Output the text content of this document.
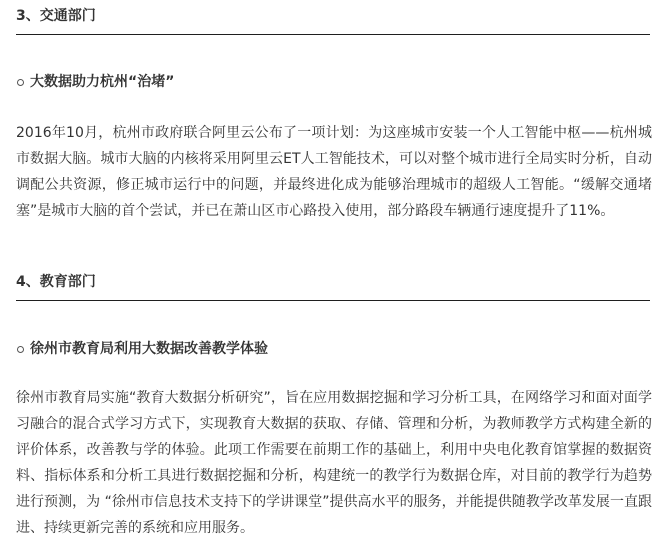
3、交通部门
大数据助力杭州“治堵”
2016年10月，杭州市政府联合阿里云公布了一项计划：为这座城市安装一个人工智能中枢——杭州城市数据大脑。城市大脑的内核将采用阿里云ET人工智能技术，可以对整个城市进行全局实时分析，自动调配公共资源，修正城市运行中的问题，并最终进化成为能够治理城市的超级人工智能。“缓解交通堵塞”是城市大脑的首个尝试，并已在萧山区市心路投入使用，部分路段车辆通行速度提升了11%。
4、教育部门
徐州市教育局利用大数据改善教学体验
徐州市教育局实施“教育大数据分析研究”，旨在应用数据挖掘和学习分析工具，在网络学习和面对面学习融合的混合式学习方式下，实现教育大数据的获取、存储、管理和分析，为教师教学方式构建全新的评价体系，改善教与学的体验。此项工作需要在前期工作的基础上，利用中央电化教育馆掌握的数据资料、指标体系和分析工具进行数据挖掘和分析，构建统一的教学行为数据仓库，对目前的教学行为趋势进行预测，为 “徐州市信息技术支持下的学讲课堂”提供高水平的服务，并能提供随教学改革发展一直跟进、持续更新完善的系统和应用服务。
